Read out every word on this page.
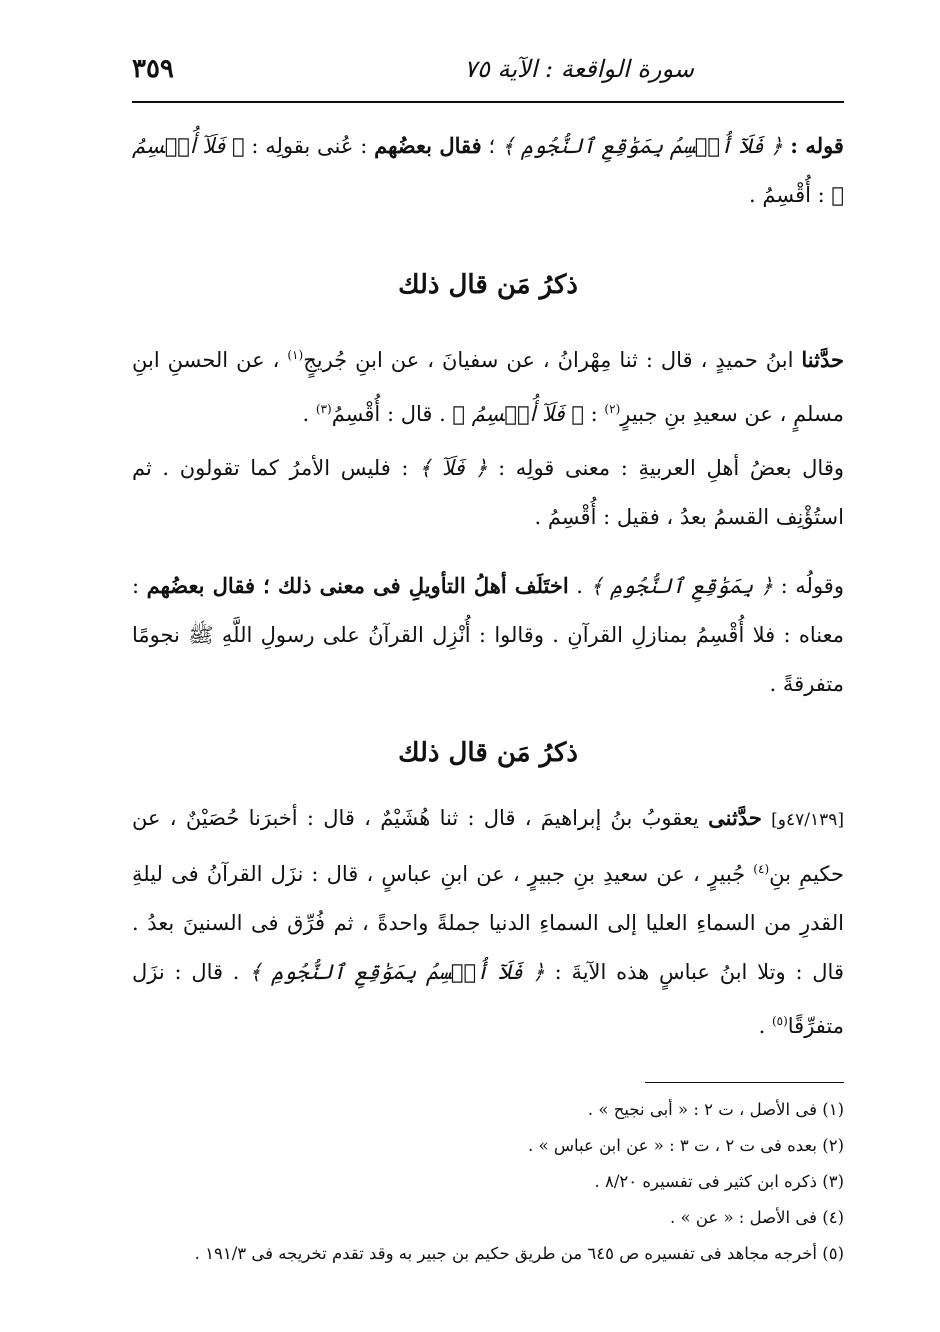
سورة الواقعة : الآية ٧٥
٣٥٩

قوله : ﴿ فَلَآ أُقۡسِمُ بِمَوَٰقِعِ ٱلنُّجُومِ ﴾ ؛ فقال بعضُهم : عُنى بقولِه : ﴿ فَلَآ أُقۡسِمُ ﴾ : أُقْسِمُ .

ذكرُ مَن قال ذلك

حدَّثنا ابنُ حميدٍ ، قال : ثنا مِهْرانُ ، عن سفيانَ ، عن ابنِ جُريجٍ$^{(١)}$ ، عن الحسنِ ابنِ مسلمٍ ، عن سعيدِ بنِ جبيرٍ$^{(٢)}$ : ﴿ فَلَآ أُقۡسِمُ ﴾ . قال : أُقْسِمُ$^{(٣)}$ .

وقال بعضُ أهلِ العربيةِ : معنى قولِه : ﴿ فَلَآ ﴾ : فليس الأمرُ كما تقولون . ثم استُؤْنِف القسمُ بعدُ ، فقيل : أُقْسِمُ .

وقولُه : ﴿ بِمَوَٰقِعِ ٱلنُّجُومِ ﴾ . اختَلَف أهلُ التأويلِ فى معنى ذلك ؛ فقال بعضُهم : معناه : فلا أُقْسِمُ بمنازلِ القرآنِ . وقالوا : أُنْزِل القرآنُ على رسولِ اللَّهِ ﷺ نجومًا متفرقةً .

ذكرُ مَن قال ذلك

[٤٧/١٣٩و] حدَّثنى يعقوبُ بنُ إبراهيمَ ، قال : ثنا هُشَيْمٌ ، قال : أخبرَنا حُصَيْنٌ ، عن حكيمِ بنِ$^{(٤)}$ جُبيرٍ ، عن سعيدِ بنِ جبيرٍ ، عن ابنِ عباسٍ ، قال : نزَل القرآنُ فى ليلةِ القدرِ من السماءِ العليا إلى السماءِ الدنيا جملةً واحدةً ، ثم فُرِّق فى السنينَ بعدُ . قال : وتلا ابنُ عباسٍ هذه الآيةَ : ﴿ فَلَآ أُقۡسِمُ بِمَوَٰقِعِ ٱلنُّجُومِ ﴾ . قال : نزَل متفرِّقًا$^{(٥)}$ .

(١) فى الأصل ، ت ٢ : « أبى نجيح » .
(٢) بعده فى ت ٢ ، ت ٣ : « عن ابن عباس » .
(٣) ذكره ابن كثير فى تفسيره ٨/٢٠ .
(٤) فى الأصل : « عن » .
(٥) أخرجه مجاهد فى تفسيره ص ٦٤٥ من طريق حكيم بن جبير به وقد تقدم تخريجه فى ١٩١/٣ .
